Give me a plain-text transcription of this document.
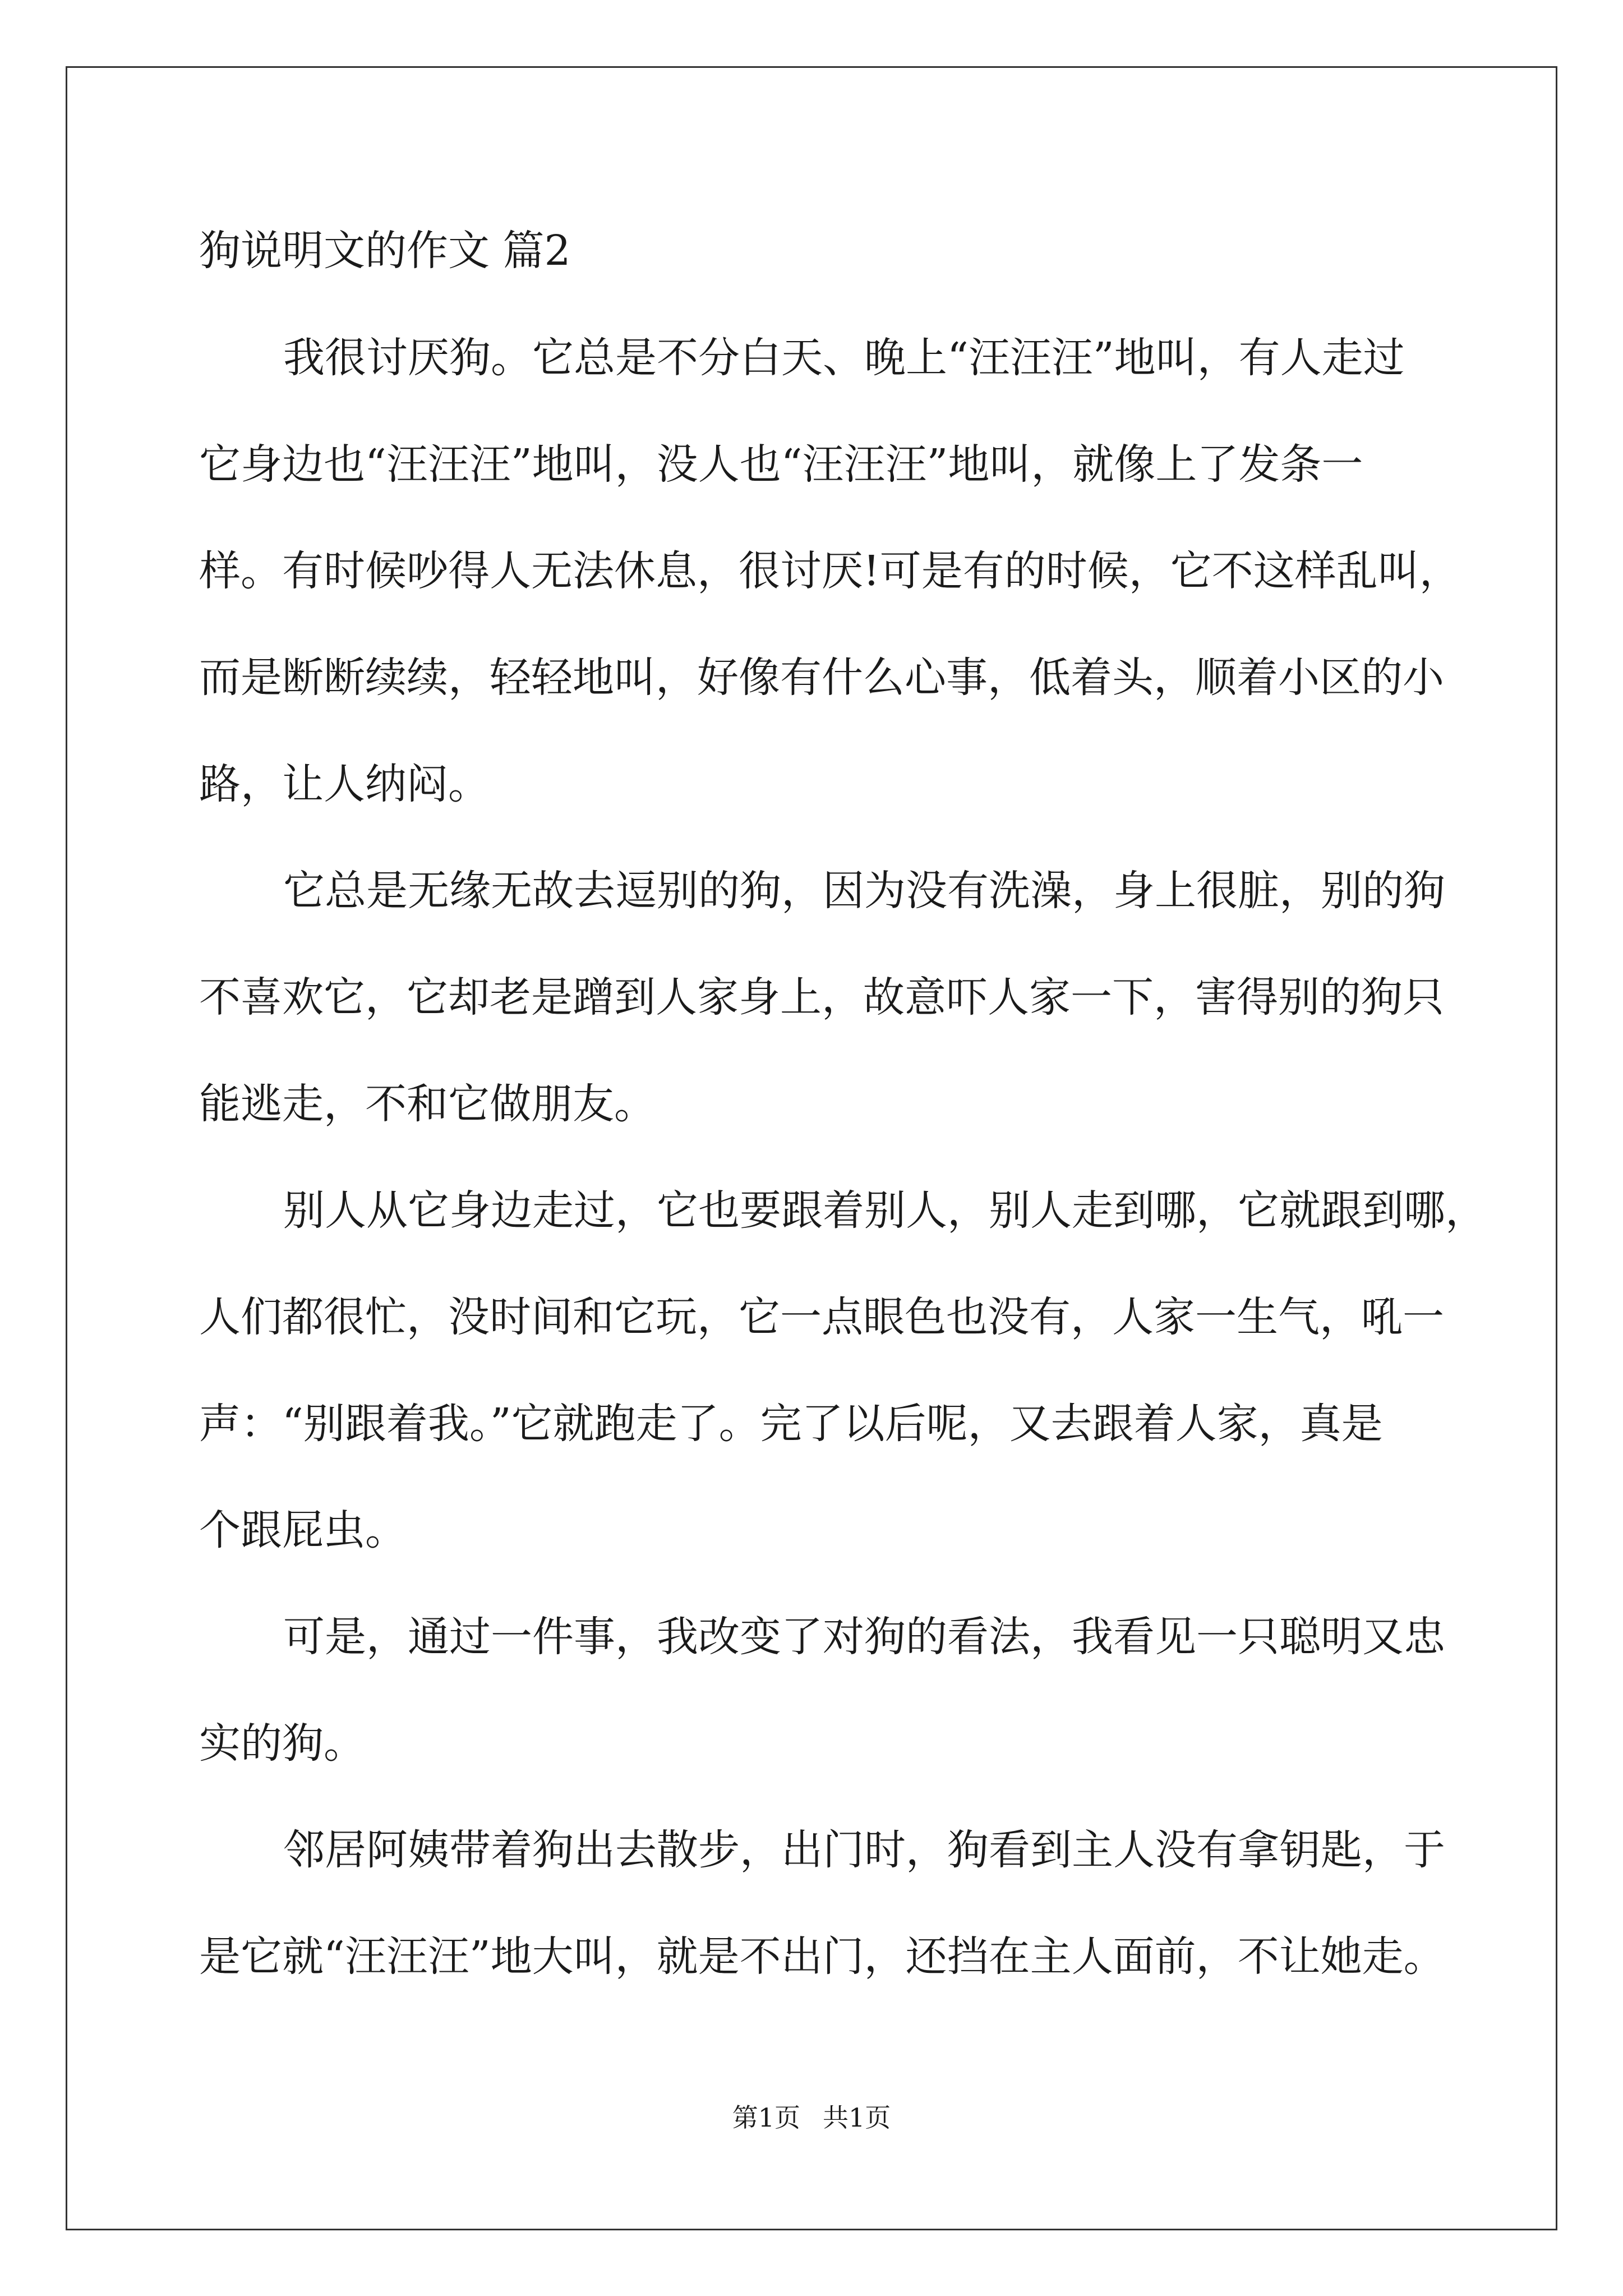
狗说明文的作文 篇2
我很讨厌狗。它总是不分白天、晚上“汪汪汪”地叫，有人走过
它身边也“汪汪汪”地叫，没人也“汪汪汪”地叫，就像上了发条一
样。有时候吵得人无法休息，很讨厌!可是有的时候，它不这样乱叫，
而是断断续续，轻轻地叫，好像有什么心事，低着头，顺着小区的小
路，让人纳闷。
它总是无缘无故去逗别的狗，因为没有洗澡，身上很脏，别的狗
不喜欢它，它却老是蹭到人家身上，故意吓人家一下，害得别的狗只
能逃走，不和它做朋友。
别人从它身边走过，它也要跟着别人，别人走到哪，它就跟到哪，
人们都很忙，没时间和它玩，它一点眼色也没有，人家一生气，吼一
声：“别跟着我。”它就跑走了。完了以后呢，又去跟着人家，真是
个跟屁虫。
可是，通过一件事，我改变了对狗的看法，我看见一只聪明又忠
实的狗。
邻居阿姨带着狗出去散步，出门时，狗看到主人没有拿钥匙，于
是它就“汪汪汪”地大叫，就是不出门，还挡在主人面前，不让她走。
第1页 共1页
